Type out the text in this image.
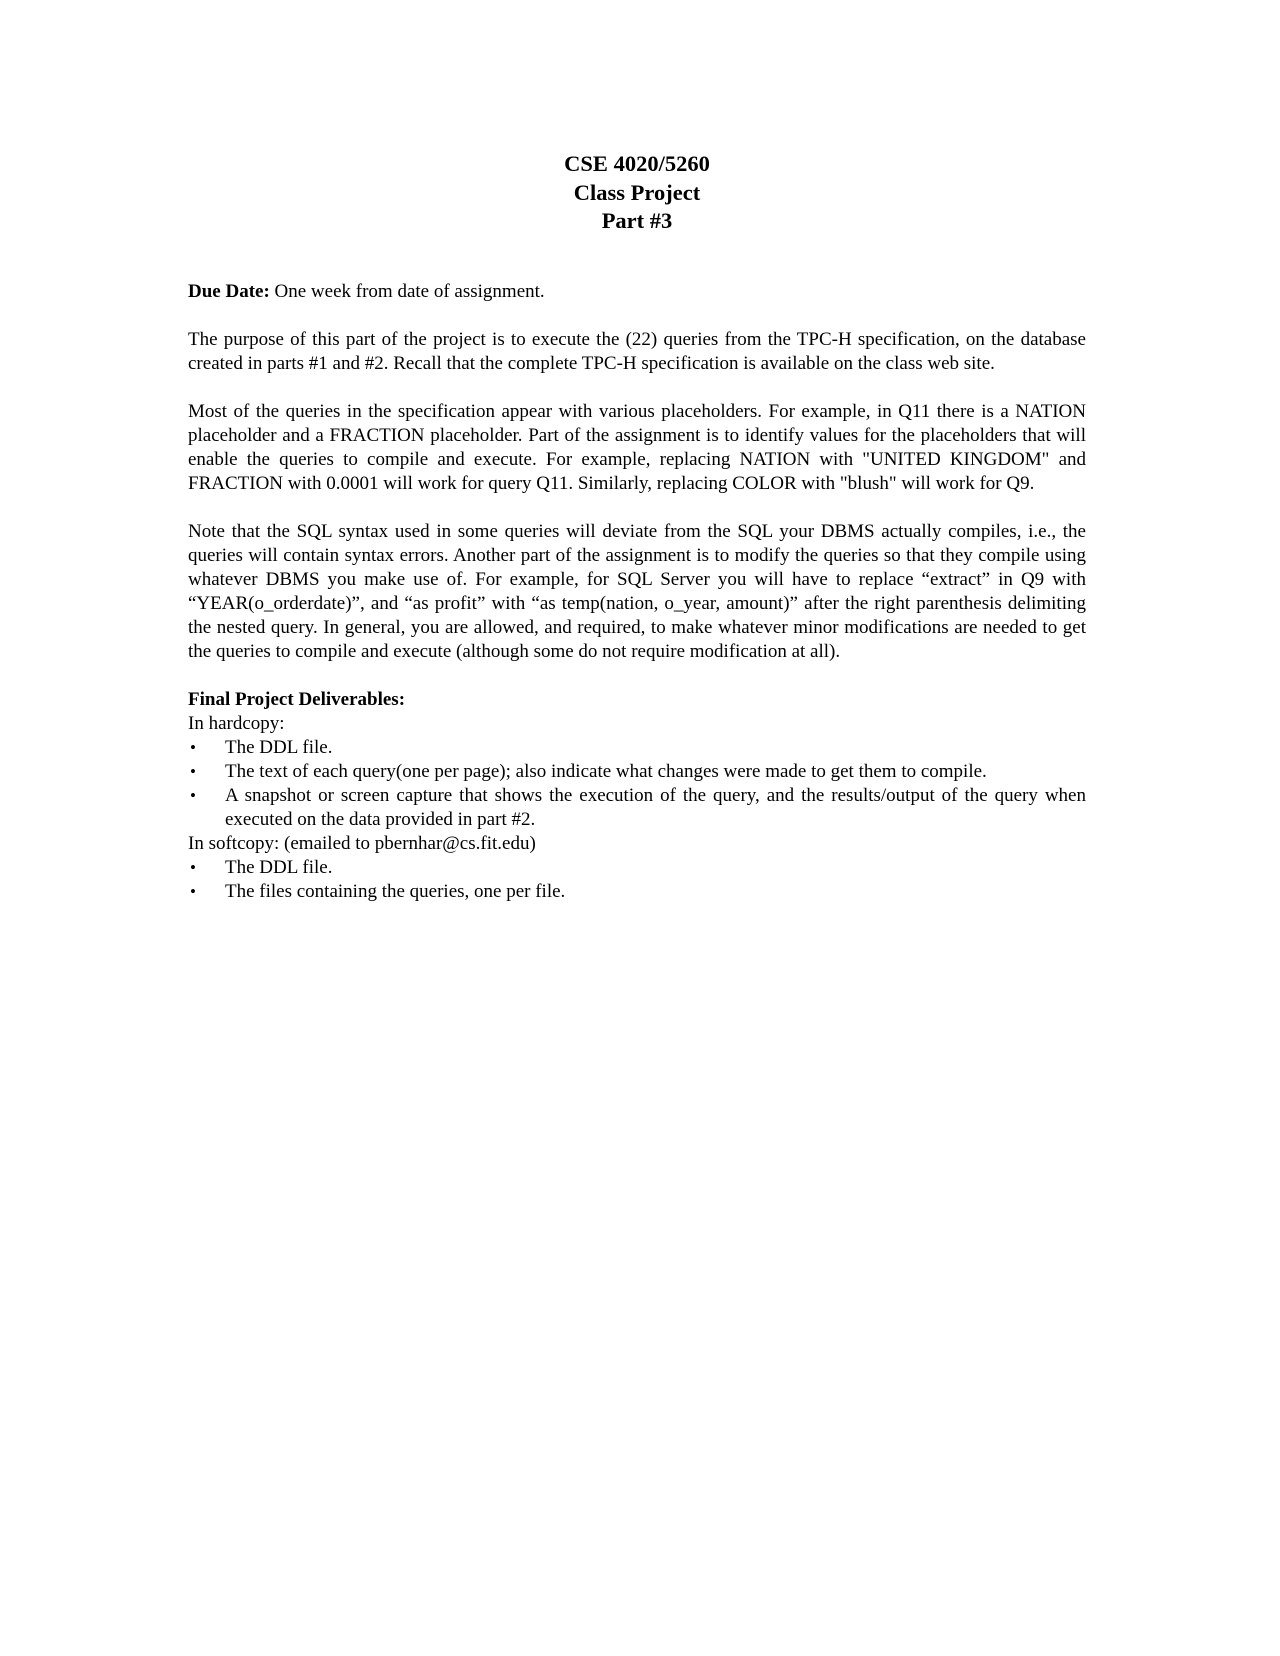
CSE 4020/5260
Class Project
Part #3

Due Date: One week from date of assignment.

The purpose of this part of the project is to execute the (22) queries from the TPC-H specification, on the database created in parts #1 and #2. Recall that the complete TPC-H specification is available on the class web site.

Most of the queries in the specification appear with various placeholders. For example, in Q11 there is a NATION placeholder and a FRACTION placeholder. Part of the assignment is to identify values for the placeholders that will enable the queries to compile and execute. For example, replacing NATION with "UNITED KINGDOM" and FRACTION with 0.0001 will work for query Q11. Similarly, replacing COLOR with "blush" will work for Q9.

Note that the SQL syntax used in some queries will deviate from the SQL your DBMS actually compiles, i.e., the queries will contain syntax errors. Another part of the assignment is to modify the queries so that they compile using whatever DBMS you make use of. For example, for SQL Server you will have to replace “extract” in Q9 with “YEAR(o_orderdate)”, and “as profit” with “as temp(nation, o_year, amount)” after the right parenthesis delimiting the nested query. In general, you are allowed, and required, to make whatever minor modifications are needed to get the queries to compile and execute (although some do not require modification at all).

Final Project Deliverables:
In hardcopy:
• The DDL file.
• The text of each query(one per page); also indicate what changes were made to get them to compile.
• A snapshot or screen capture that shows the execution of the query, and the results/output of the query when executed on the data provided in part #2.
In softcopy: (emailed to pbernhar@cs.fit.edu)
• The DDL file.
• The files containing the queries, one per file.
